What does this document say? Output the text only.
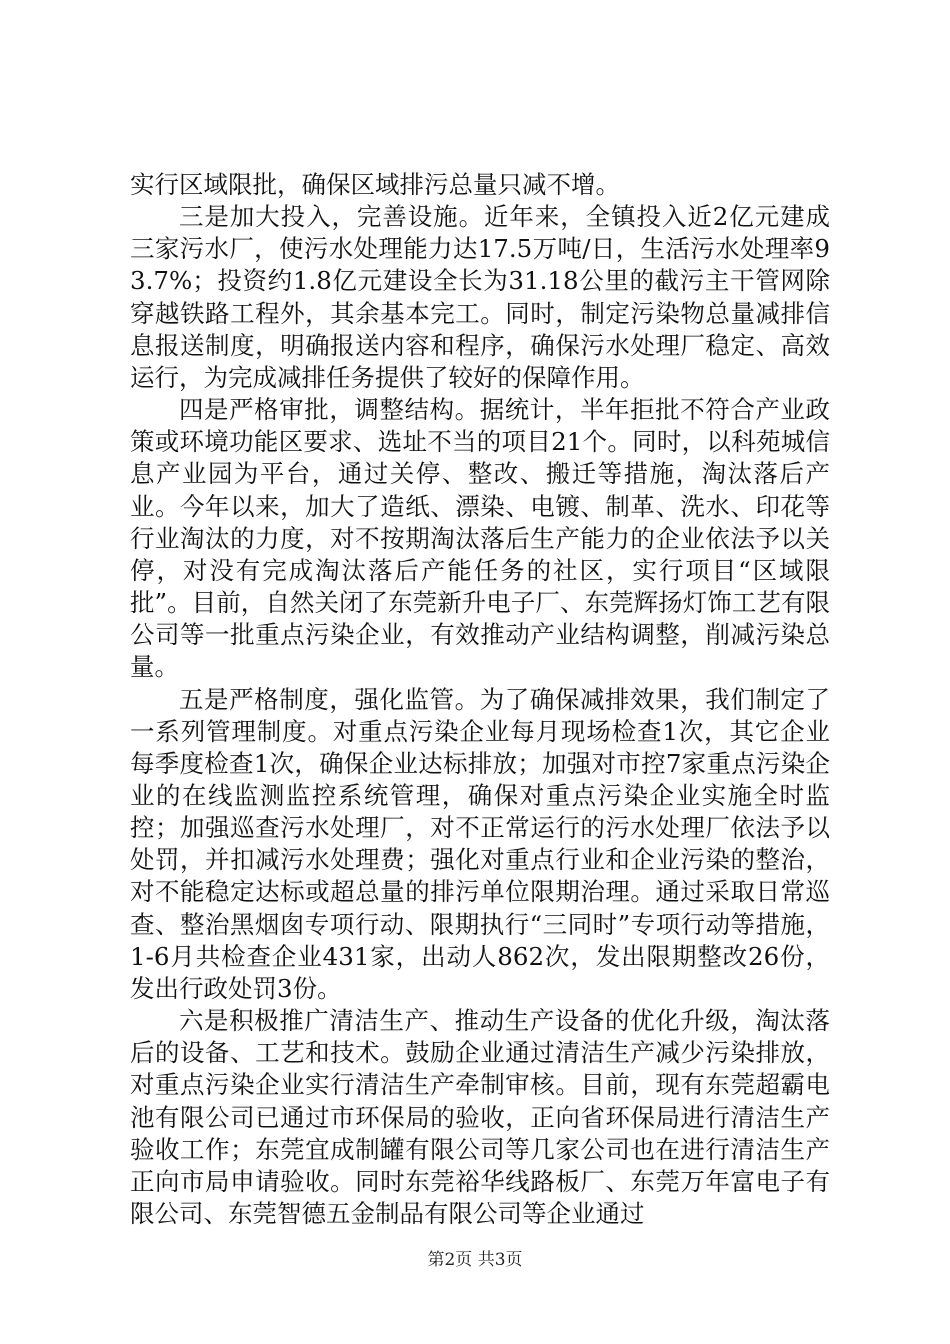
实行区域限批，确保区域排污总量只减不增。

三是加大投入，完善设施。近年来，全镇投入近2亿元建成三家污水厂，使污水处理能力达17.5万吨/日，生活污水处理率93.7%；投资约1.8亿元建设全长为31.18公里的截污主干管网除穿越铁路工程外，其余基本完工。同时，制定污染物总量减排信息报送制度，明确报送内容和程序，确保污水处理厂稳定、高效运行，为完成减排任务提供了较好的保障作用。

四是严格审批，调整结构。据统计，半年拒批不符合产业政策或环境功能区要求、选址不当的项目21个。同时，以科苑城信息产业园为平台，通过关停、整改、搬迁等措施，淘汰落后产业。今年以来，加大了造纸、漂染、电镀、制革、洗水、印花等行业淘汰的力度，对不按期淘汰落后生产能力的企业依法予以关停，对没有完成淘汰落后产能任务的社区，实行项目“区域限批”。目前，自然关闭了东莞新升电子厂、东莞辉扬灯饰工艺有限公司等一批重点污染企业，有效推动产业结构调整，削减污染总量。

五是严格制度，强化监管。为了确保减排效果，我们制定了一系列管理制度。对重点污染企业每月现场检查1次，其它企业每季度检查1次，确保企业达标排放；加强对市控7家重点污染企业的在线监测监控系统管理，确保对重点污染企业实施全时监控；加强巡查污水处理厂，对不正常运行的污水处理厂依法予以处罚，并扣减污水处理费；强化对重点行业和企业污染的整治，对不能稳定达标或超总量的排污单位限期治理。通过采取日常巡查、整治黑烟囱专项行动、限期执行“三同时”专项行动等措施，1-6月共检查企业431家，出动人862次，发出限期整改26份，发出行政处罚3份。

六是积极推广清洁生产、推动生产设备的优化升级，淘汰落后的设备、工艺和技术。鼓励企业通过清洁生产减少污染排放，对重点污染企业实行清洁生产牵制审核。目前，现有东莞超霸电池有限公司已通过市环保局的验收，正向省环保局进行清洁生产验收工作；东莞宜成制罐有限公司等几家公司也在进行清洁生产正向市局申请验收。同时东莞裕华线路板厂、东莞万年富电子有限公司、东莞智德五金制品有限公司等企业通过

第2页 共3页
